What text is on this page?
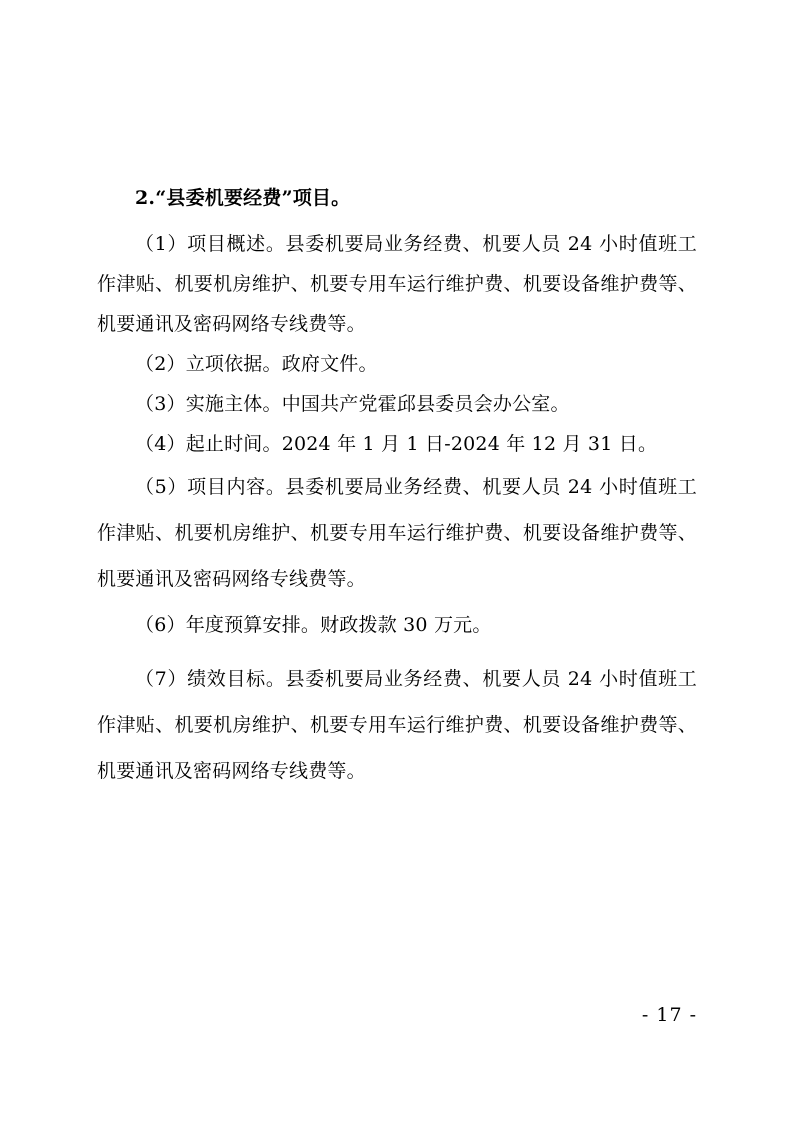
2.“县委机要经费”项目。

（1）项目概述。县委机要局业务经费、机要人员 24 小时值班工作津贴、机要机房维护、机要专用车运行维护费、机要设备维护费等、机要通讯及密码网络专线费等。

（2）立项依据。政府文件。

（3）实施主体。中国共产党霍邱县委员会办公室。

（4）起止时间。2024 年 1 月 1 日-2024 年 12 月 31 日。

（5）项目内容。县委机要局业务经费、机要人员 24 小时值班工作津贴、机要机房维护、机要专用车运行维护费、机要设备维护费等、机要通讯及密码网络专线费等。

（6）年度预算安排。财政拨款 30 万元。

（7）绩效目标。县委机要局业务经费、机要人员 24 小时值班工作津贴、机要机房维护、机要专用车运行维护费、机要设备维护费等、机要通讯及密码网络专线费等。

- 17 -
